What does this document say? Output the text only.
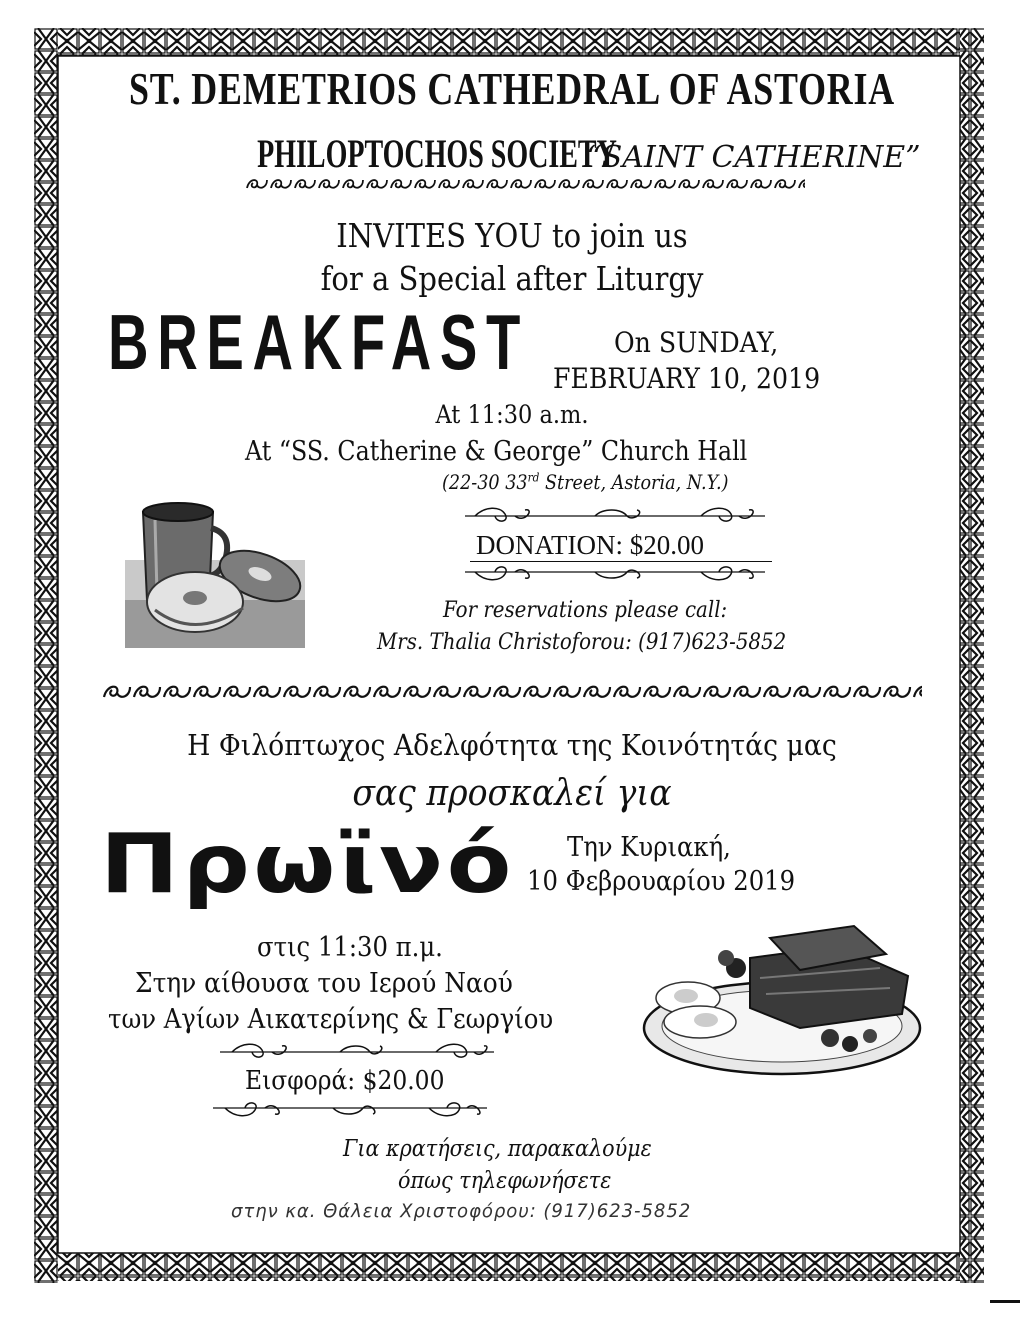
ST. DEMETRIOS CATHEDRAL OF ASTORIA
PHILOPTOCHOS SOCIETY “SAINT CATHERINE”
INVITES YOU to join us
for a Special after Liturgy
BREAKFAST	On SUNDAY,
FEBRUARY 10, 2019
At 11:30 a.m.
At “SS. Catherine & George” Church Hall
(22-30 33rd Street, Astoria, N.Y.)
DONATION: $20.00
For reservations please call:
Mrs. Thalia Christoforou: (917)623-5852
Η Φιλόπτωχος Αδελφότητα της Κοινότητάς μας
σας προσκαλεί για
Πρωϊνό Την Κυριακή,
10 Φεβρουαρίου 2019
στις 11:30 π.μ.
Στην αίθουσα του Ιερού Ναού
των Αγίων Αικατερίνης & Γεωργίου
Εισφορά: $20.00
Για κρατήσεις, παρακαλούμε
όπως τηλεφωνήσετε
στην κα. Θάλεια Χριστοφόρου: (917)623-5852
